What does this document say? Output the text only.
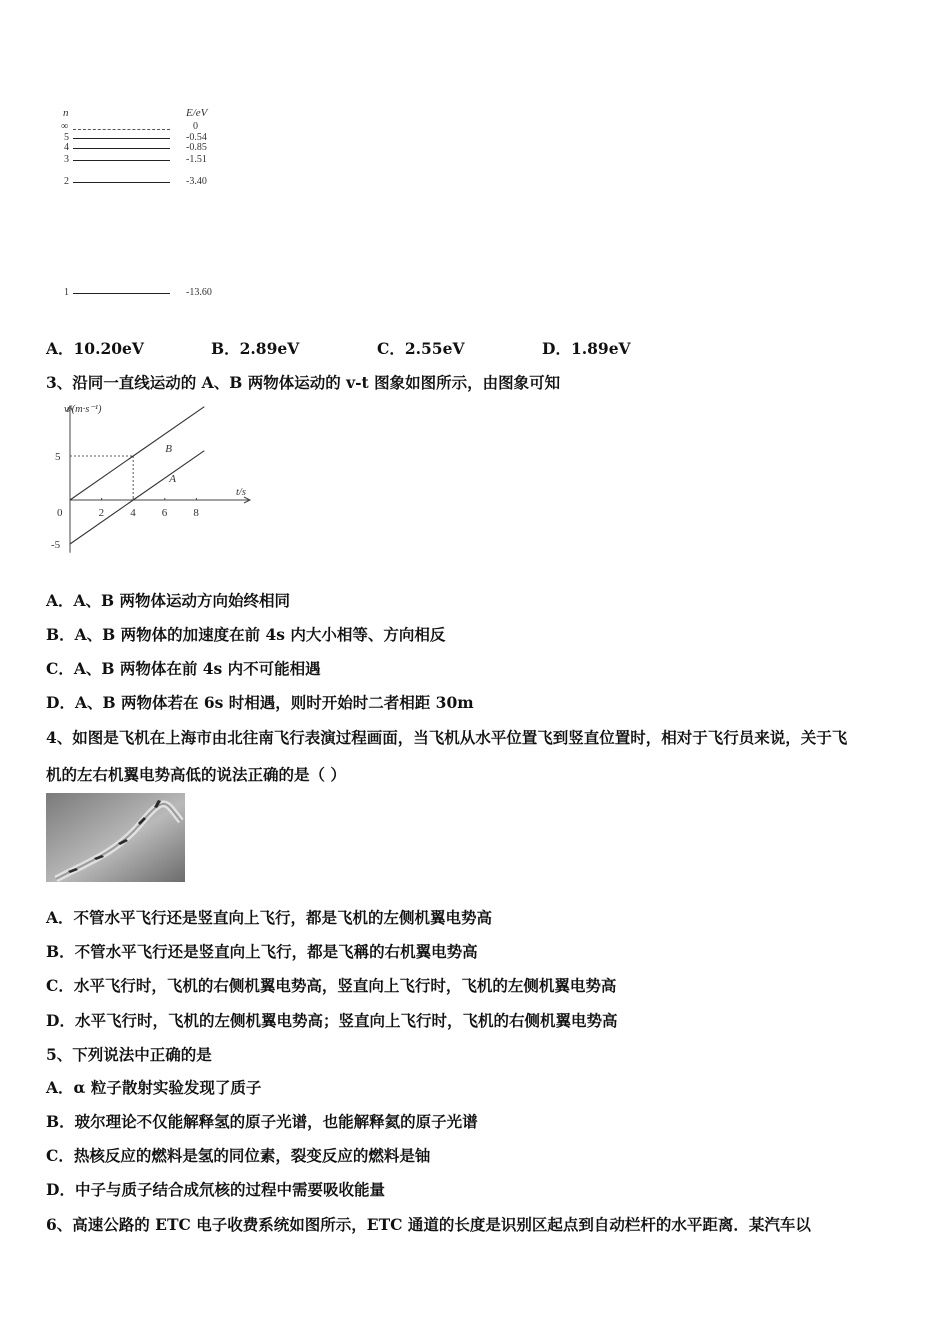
n	E/eV
∞	0
5	-0.54
4	-0.85
3	-1.51
2	-3.40
1	-13.60
A．10.20eV	B．2.89eV	C．2.55eV	D．1.89eV
3、沿同一直线运动的 A、B 两物体运动的 v-t 图象如图所示，由图象可知
v/(m·s⁻¹)
t/s
B
A
0	2 4 6 8
5
-5
A．A、B 两物体运动方向始终相同
B．A、B 两物体的加速度在前 4s 内大小相等、方向相反
C．A、B 两物体在前 4s 内不可能相遇
D．A、B 两物体若在 6s 时相遇，则时开始时二者相距 30m
4、如图是飞机在上海市由北往南飞行表演过程画面，当飞机从水平位置飞到竖直位置时，相对于飞行员来说，关于飞
机的左右机翼电势高低的说法正确的是（ ）
A．不管水平飞行还是竖直向上飞行，都是飞机的左侧机翼电势高
B．不管水平飞行还是竖直向上飞行，都是飞稱的右机翼电势高
C．水平飞行时，飞机的右侧机翼电势高，竖直向上飞行时，飞机的左侧机翼电势高
D．水平飞行时，飞机的左侧机翼电势高；竖直向上飞行时，飞机的右侧机翼电势高
5、下列说法中正确的是
A．α 粒子散射实验发现了质子
B．玻尔理论不仅能解释氢的原子光谱，也能解释氦的原子光谱
C．热核反应的燃料是氢的同位素，裂变反应的燃料是铀
D．中子与质子结合成氘核的过程中需要吸收能量
6、高速公路的 ETC 电子收费系统如图所示，ETC 通道的长度是识别区起点到自动栏杆的水平距离．某汽车以
